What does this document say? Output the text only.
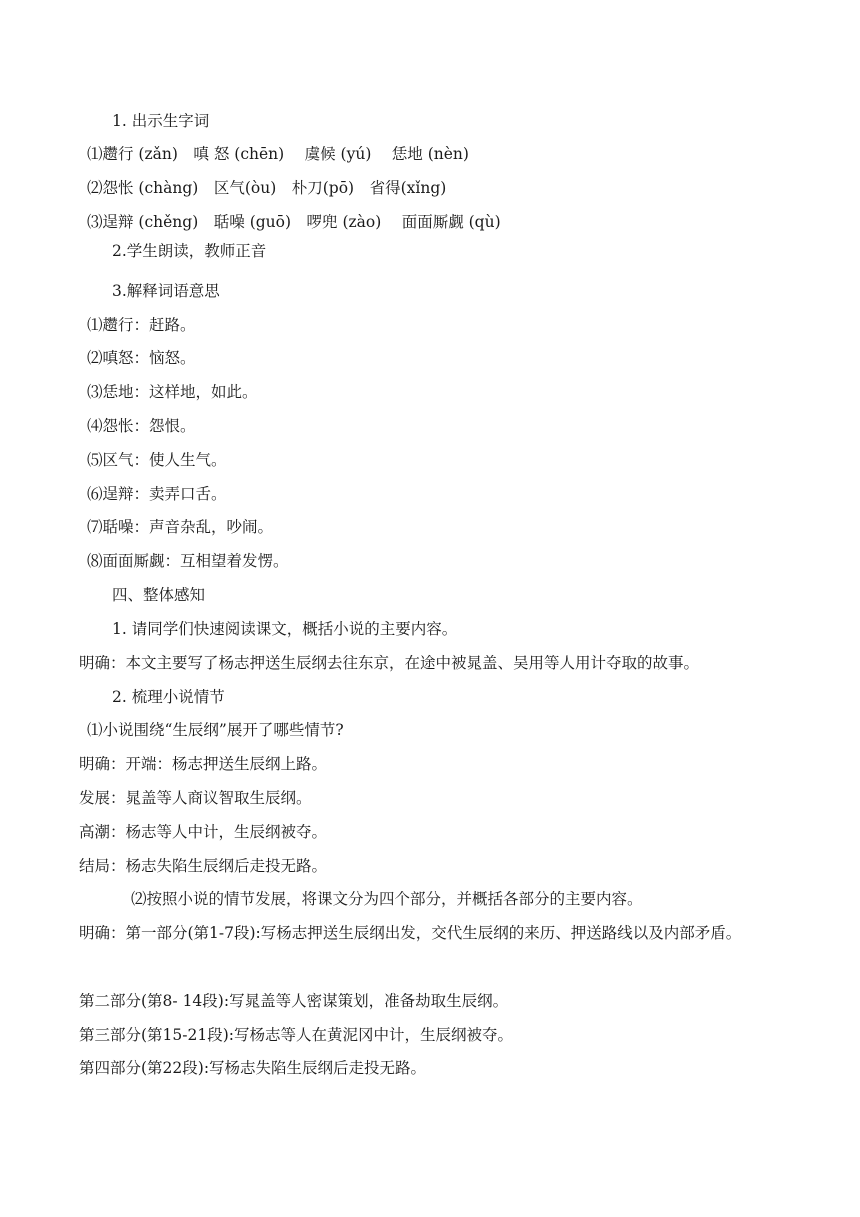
1. 出示生字词
⑴趱行 (zǎn)　嗔 怒 (chēn)　 虞候 (yú)　 恁地 (nèn)
⑵怨怅 (chàng)　区气(òu)　朴刀(pō)　省得(xǐng)
⑶逞辩 (chěng)　聒噪 (guō)　啰兜 (zào)　 面面厮觑 (qù)
2.学生朗读，教师正音
3.解释词语意思
⑴趱行：赶路。
⑵嗔怒：恼怒。
⑶恁地：这样地，如此。
⑷怨怅：怨恨。
⑸区气：使人生气。
⑹逞辩：卖弄口舌。
⑺聒噪：声音杂乱，吵闹。
⑻面面厮觑：互相望着发愣。
四、整体感知
1. 请同学们快速阅读课文，概括小说的主要内容。
明确：本文主要写了杨志押送生辰纲去往东京，在途中被晁盖、吴用等人用计夺取的故事。
2. 梳理小说情节
⑴小说围绕“生辰纲”展开了哪些情节?
明确：开端：杨志押送生辰纲上路。
发展：晁盖等人商议智取生辰纲。
高潮：杨志等人中计，生辰纲被夺。
结局：杨志失陷生辰纲后走投无路。
⑵按照小说的情节发展，将课文分为四个部分，并概括各部分的主要内容。
明确：第一部分(第1-7段):写杨志押送生辰纲出发，交代生辰纲的来历、押送路线以及内部矛盾。
第二部分(第8- 14段):写晁盖等人密谋策划，准备劫取生辰纲。
第三部分(第15-21段):写杨志等人在黄泥冈中计，生辰纲被夺。
第四部分(第22段):写杨志失陷生辰纲后走投无路。
